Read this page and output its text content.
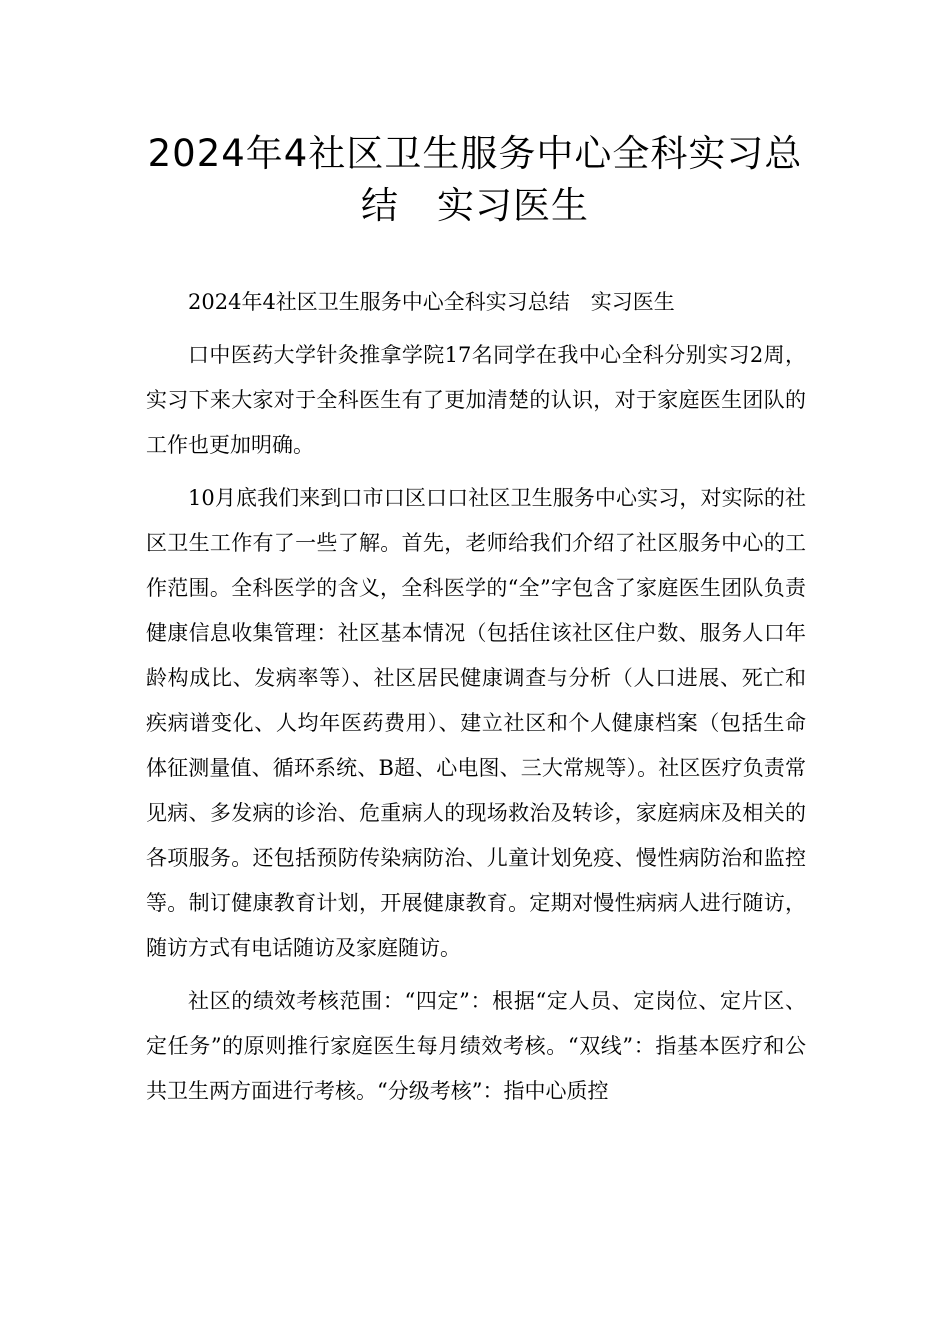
2024年4社区卫生服务中心全科实习总
结　实习医生

2024年4社区卫生服务中心全科实习总结　实习医生

口中医药大学针灸推拿学院17名同学在我中心全科分别实习2周，实习下来大家对于全科医生有了更加清楚的认识，对于家庭医生团队的工作也更加明确。

10月底我们来到口市口区口口社区卫生服务中心实习，对实际的社区卫生工作有了一些了解。首先，老师给我们介绍了社区服务中心的工作范围。全科医学的含义，全科医学的“全”字包含了家庭医生团队负责健康信息收集管理：社区基本情况（包括住该社区住户数、服务人口年龄构成比、发病率等）、社区居民健康调查与分析（人口进展、死亡和疾病谱变化、人均年医药费用）、建立社区和个人健康档案（包括生命体征测量值、循环系统、B超、心电图、三大常规等）。社区医疗负责常见病、多发病的诊治、危重病人的现场救治及转诊，家庭病床及相关的各项服务。还包括预防传染病防治、儿童计划免疫、慢性病防治和监控等。制订健康教育计划，开展健康教育。定期对慢性病病人进行随访，随访方式有电话随访及家庭随访。

社区的绩效考核范围：“四定”：根据“定人员、定岗位、定片区、定任务”的原则推行家庭医生每月绩效考核。“双线”：指基本医疗和公共卫生两方面进行考核。“分级考核”：指中心质控
